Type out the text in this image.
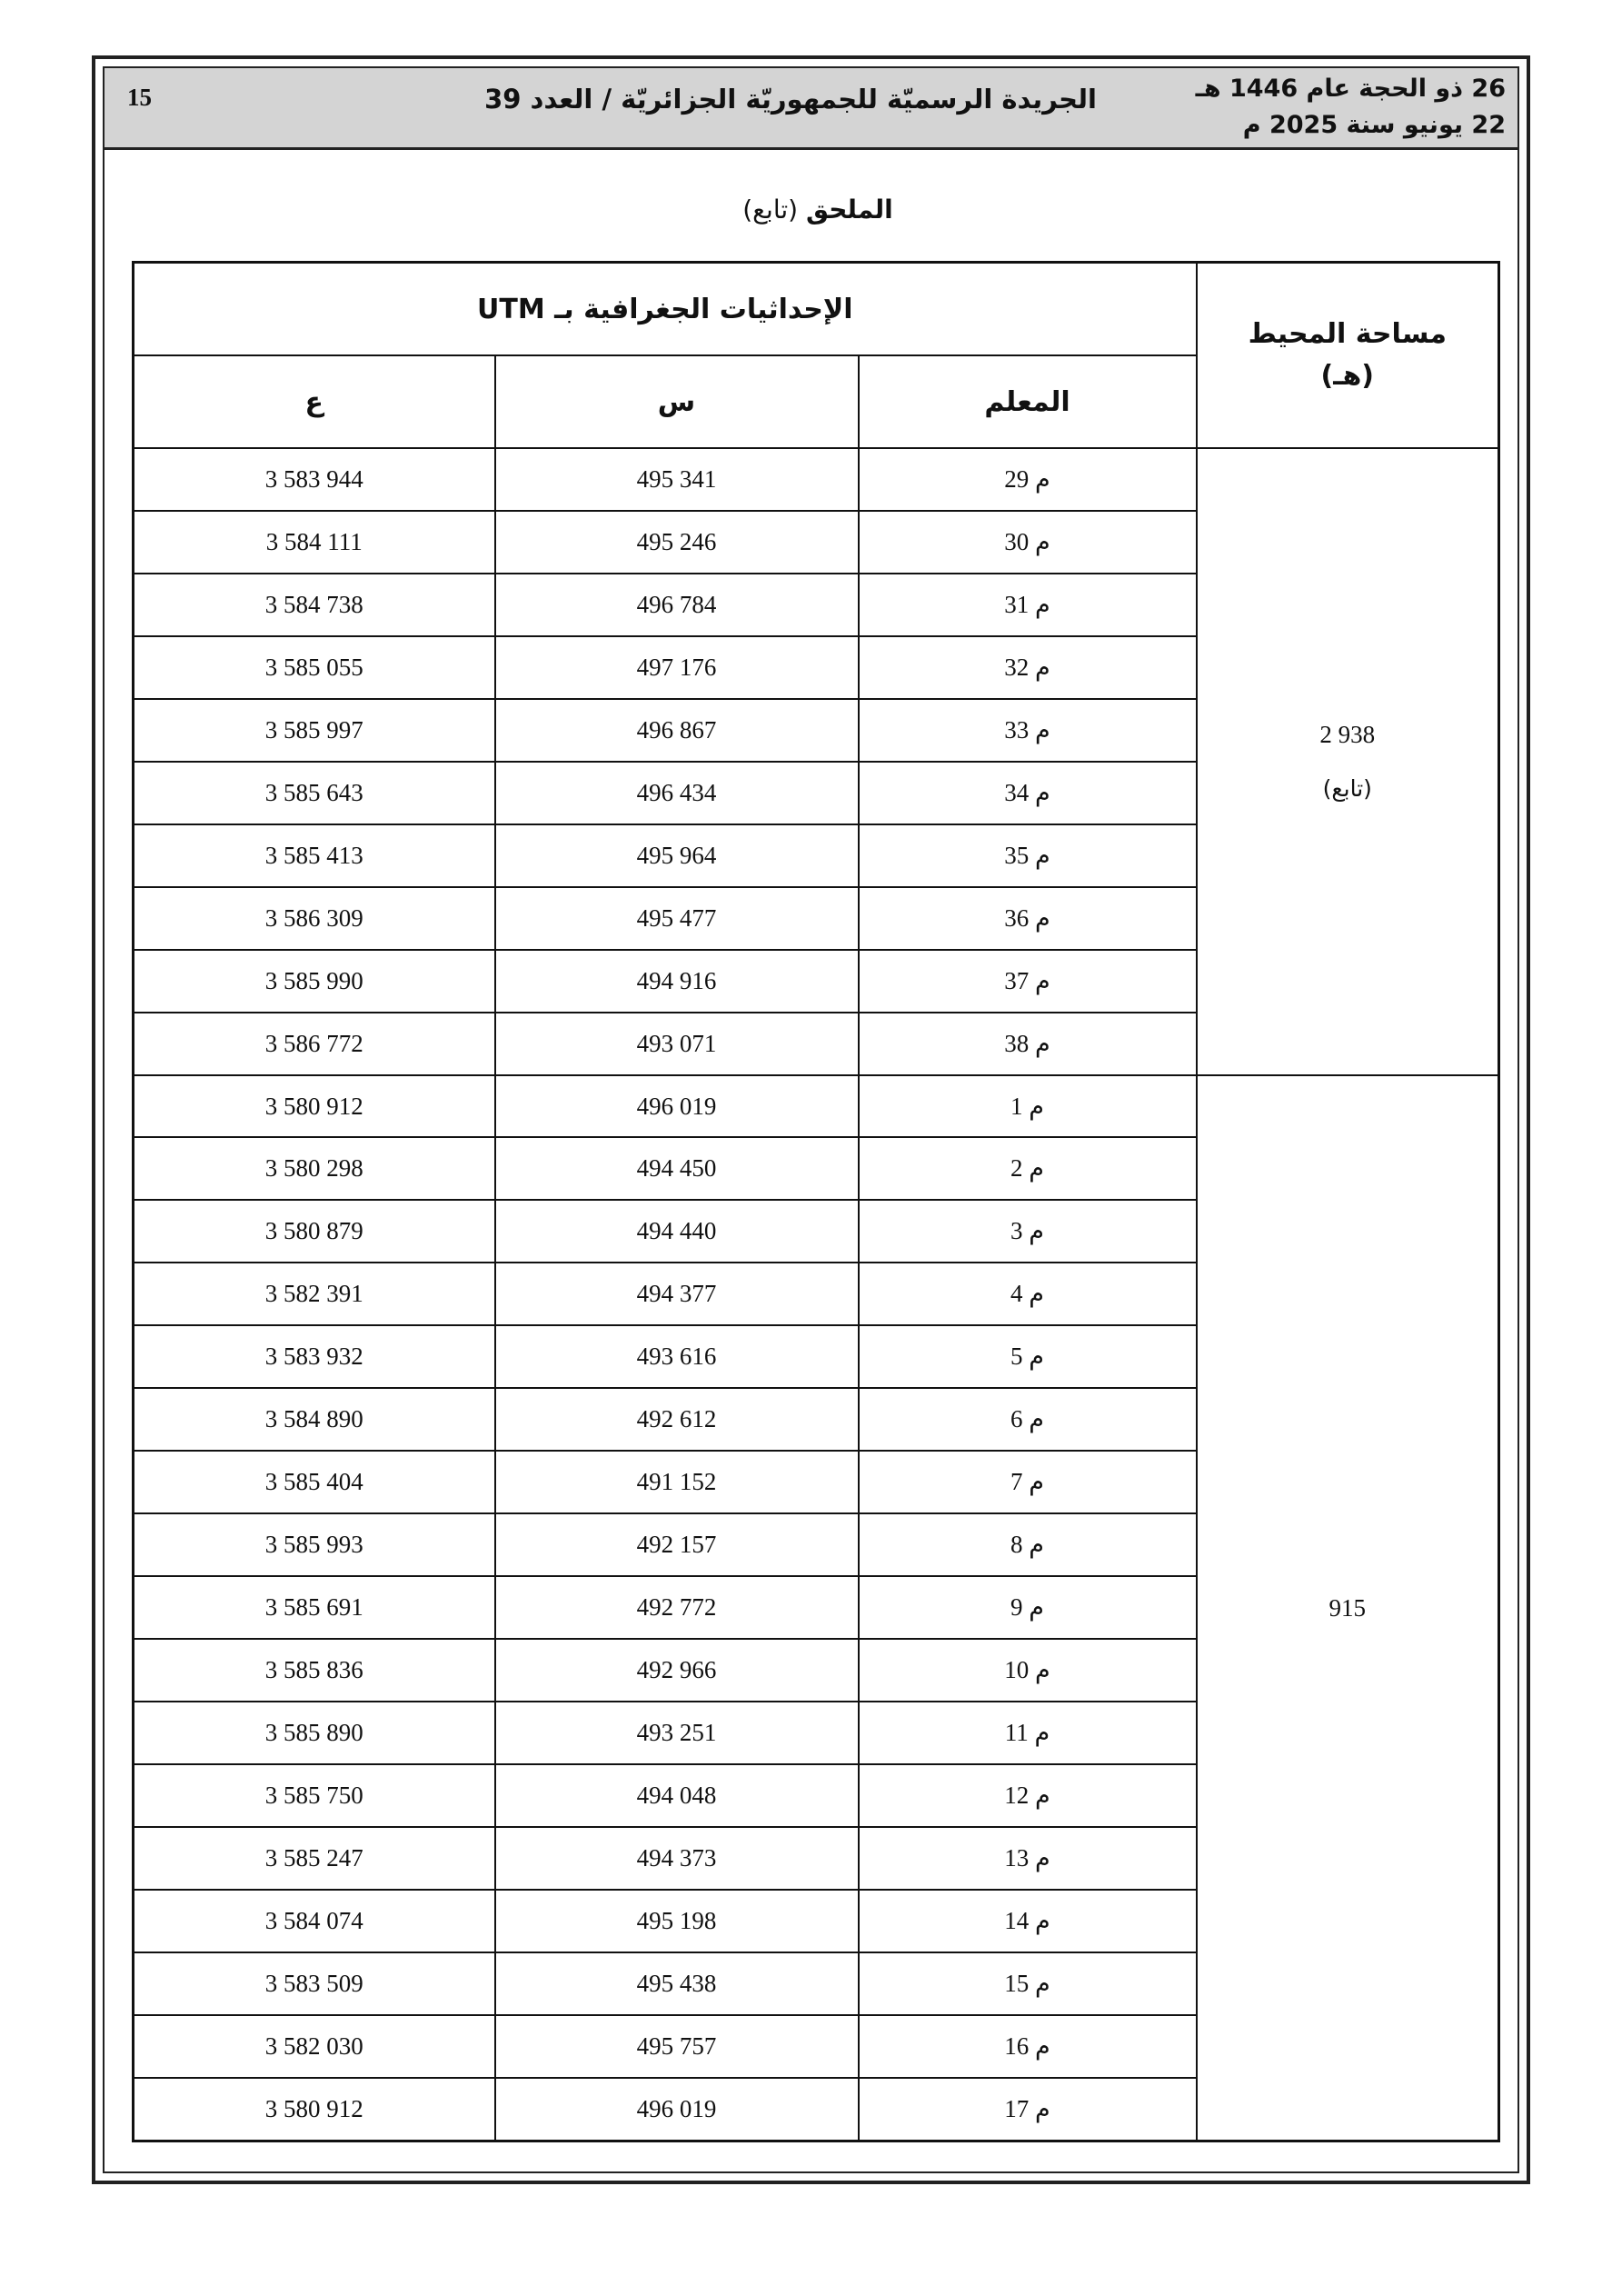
15	الجريدة الرسميّة للجمهوريّة الجزائريّة / العدد 39	26 ذو الحجة عام 1446 هـ
22 يونيو سنة 2025 م
الملحق (تابع)
الإحداثيات الجغرافية بـ UTM			مساحة المحيط
(هـ)

ع	س	المعلم	
3 583 944	495 341	م 29	2 938
(تابع)

3 584 111	495 246	م 30	
3 584 738	496 784	م 31	
3 585 055	497 176	م 32	
3 585 997	496 867	م 33	
3 585 643	496 434	م 34	
3 585 413	495 964	م 35	
3 586 309	495 477	م 36	
3 585 990	494 916	م 37	
3 586 772	493 071	م 38	
3 580 912	496 019	م 1	915

3 580 298	494 450	م 2	
3 580 879	494 440	م 3	
3 582 391	494 377	م 4	
3 583 932	493 616	م 5	
3 584 890	492 612	م 6	
3 585 404	491 152	م 7	
3 585 993	492 157	م 8	
3 585 691	492 772	م 9	
3 585 836	492 966	م 10	
3 585 890	493 251	م 11	
3 585 750	494 048	م 12	
3 585 247	494 373	م 13	
3 584 074	495 198	م 14	
3 583 509	495 438	م 15	
3 582 030	495 757	م 16	
3 580 912	496 019	م 17	
